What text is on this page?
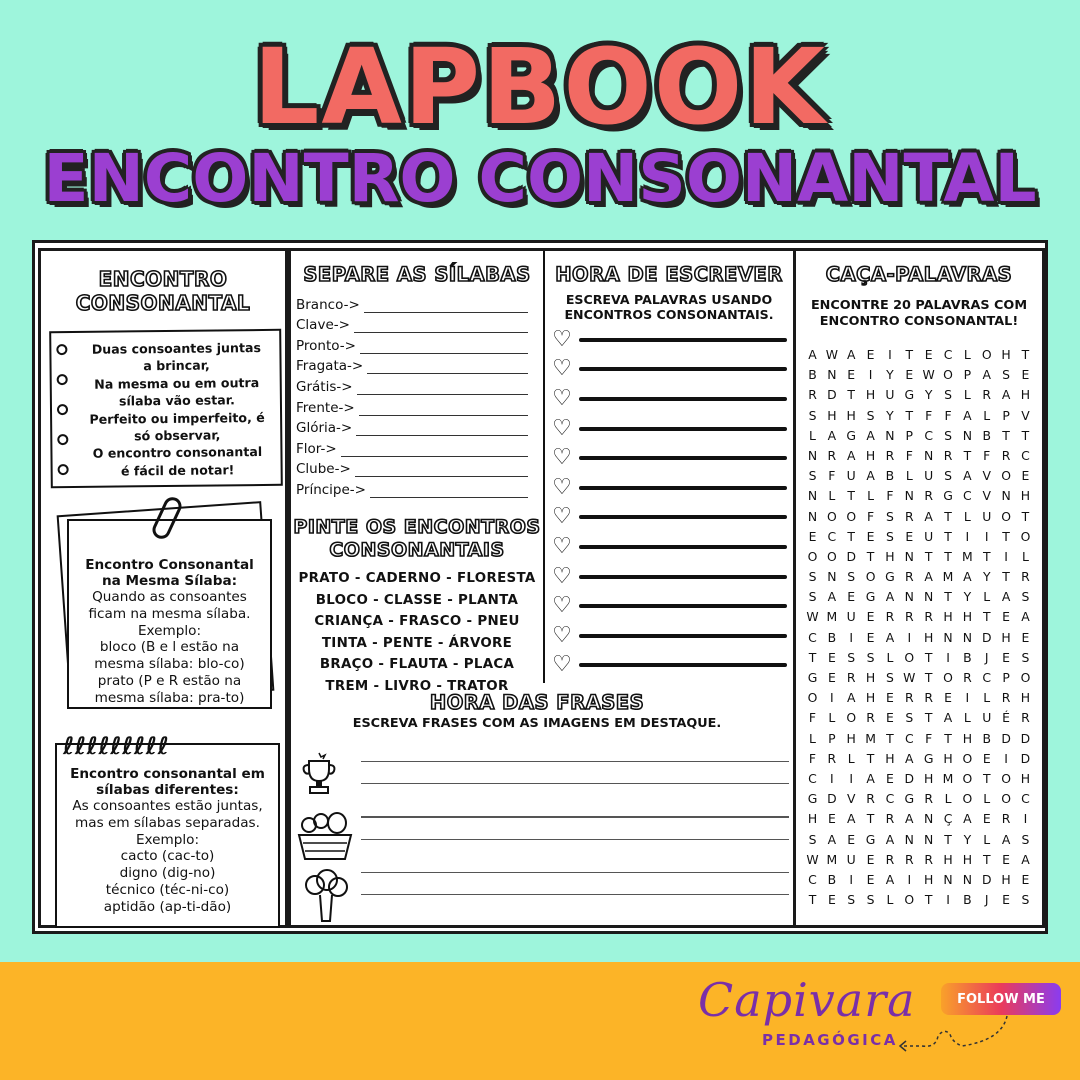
LAPBOOK
ENCONTRO CONSONANTAL
ENCONTRO
CONSONANTAL
Duas consoantes juntas
a brincar,
Na mesma ou em outra
sílaba vão estar.
Perfeito ou imperfeito, é
só observar,
O encontro consonantal
é fácil de notar!
Encontro Consonantal na Mesma Sílaba:
Quando as consoantes ficam na mesma sílaba.
Exemplo:
bloco (B e l estão na mesma sílaba: blo-co)
prato (P e R estão na mesma sílaba: pra-to)
Encontro consonantal em sílabas diferentes:
As consoantes estão juntas, mas em sílabas separadas.
Exemplo:
cacto (cac-to)
digno (dig-no)
técnico (téc-ni-co)
aptidão (ap-ti-dão)
ℓℓℓℓℓℓℓℓℓ
SEPARE AS SÍLABAS
Branco->
Clave->
Pronto->
Fragata->
Grátis->
Frente->
Glória->
Flor->
Clube->
Príncipe->
PINTE OS ENCONTROS
CONSONANTAIS
PRATO - CADERNO - FLORESTA
BLOCO - CLASSE - PLANTA
CRIANÇA - FRASCO - PNEU
TINTA - PENTE - ÁRVORE
BRAÇO - FLAUTA - PLACA
TREM - LIVRO - TRATOR
HORA DE ESCREVER
ESCREVA PALAVRAS USANDO ENCONTROS CONSONANTAIS.
♡
♡
♡
♡
♡
♡
♡
♡
♡
♡
♡
♡
HORA DAS FRASES
ESCREVA FRASES COM AS IMAGENS EM DESTAQUE.
CAÇA-PALAVRAS
ENCONTRE 20 PALAVRAS COM ENCONTRO CONSONANTAL!
A W A E	I	T E C L O H T
B N E	I	Y E W O P A S E
R D T H U G Y S L R A H
S H H S Y T F F A L P V
L A G A N P C S N B T T
N R A H R F N R T F R C
S F U A B L U S A V O E
N L T L F N R G C V N H
N O O F S R A T L U O T
E C T E S E U T	I	I	T O
O O D T H N T T M T	I	L
S N S O G R A M A Y T R
S A E G A N N T Y L A S
W M U E R R R H H T E A
C B	I	E A	I	H N N D H E
T E S S L O T	I	B	J	E S
G E R H S W T O R C P O
O	I	A H E R R E	I	L R H
F L O R E S T A L U É R
L P H M T C F T H B D D
F R L T H A G H O E	I	D
C	I	I	A E D H M O T O H
G D V R C G R L O L O C
H E A T R A N Ç A E R	I
S A E G A N N T Y L A S
W M U E R R R H H T E A
C B	I	E A	I	H N N D H E
T E S S L O T	I	B	J	E S
Capivara
PEDAGÓGICA
FOLLOW ME
